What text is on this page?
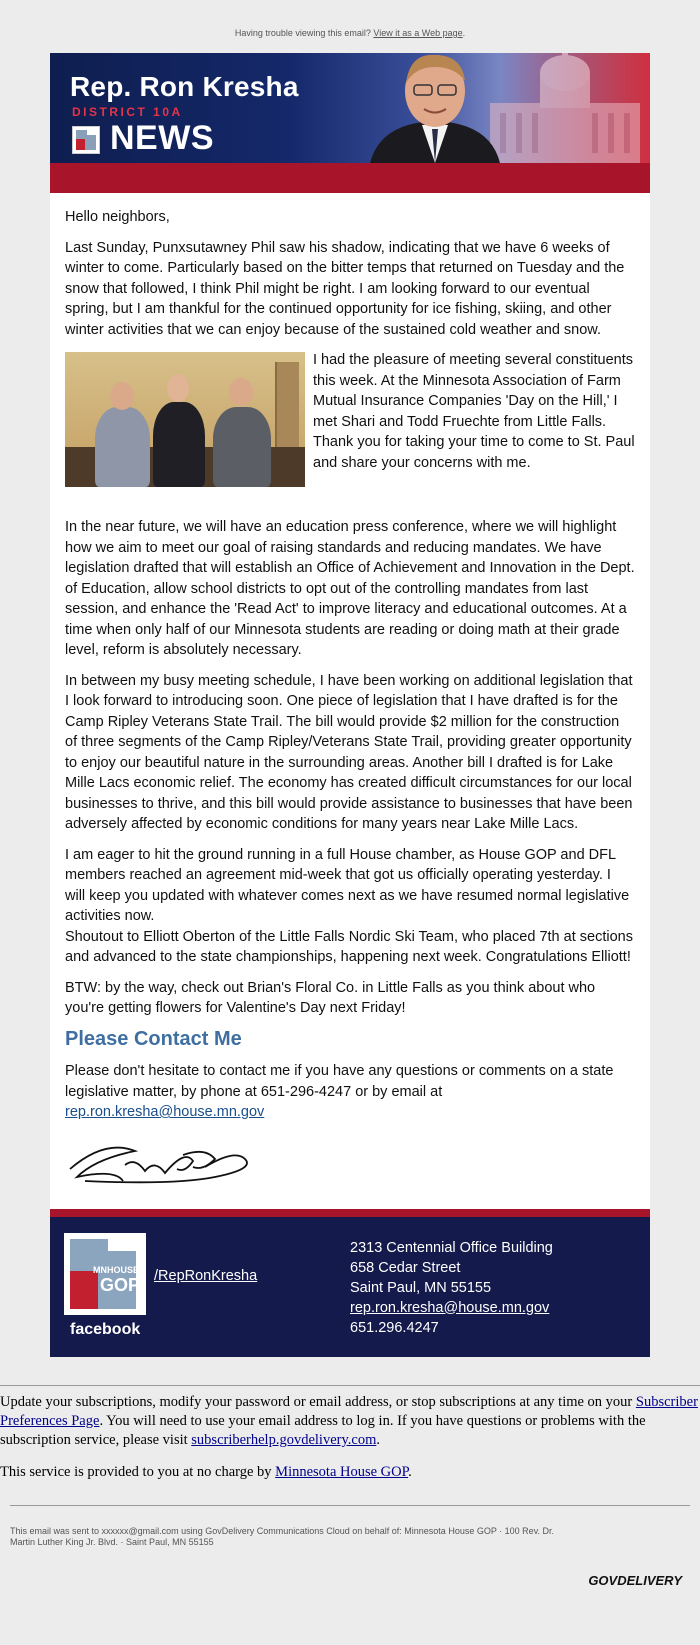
Having trouble viewing this email? View it as a Web page.
Rep. Ron Kresha
DISTRICT 10A
NEWS

Hello neighbors,

Last Sunday, Punxsutawney Phil saw his shadow, indicating that we have 6 weeks of winter to come. Particularly based on the bitter temps that returned on Tuesday and the snow that followed, I think Phil might be right. I am looking forward to our eventual spring, but I am thankful for the continued opportunity for ice fishing, skiing, and other winter activities that we can enjoy because of the sustained cold weather and snow.

I had the pleasure of meeting several constituents this week. At the Minnesota Association of Farm Mutual Insurance Companies 'Day on the Hill,' I met Shari and Todd Fruechte from Little Falls. Thank you for taking your time to come to St. Paul and share your concerns with me.

In the near future, we will have an education press conference, where we will highlight how we aim to meet our goal of raising standards and reducing mandates. We have legislation drafted that will establish an Office of Achievement and Innovation in the Dept. of Education, allow school districts to opt out of the controlling mandates from last session, and enhance the 'Read Act' to improve literacy and educational outcomes. At a time when only half of our Minnesota students are reading or doing math at their grade level, reform is absolutely necessary.

In between my busy meeting schedule, I have been working on additional legislation that I look forward to introducing soon. One piece of legislation that I have drafted is for the Camp Ripley Veterans State Trail. The bill would provide $2 million for the construction of three segments of the Camp Ripley/Veterans State Trail, providing greater opportunity to enjoy our beautiful nature in the surrounding areas. Another bill I drafted is for Lake Mille Lacs economic relief. The economy has created difficult circumstances for our local businesses to thrive, and this bill would provide assistance to businesses that have been adversely affected by economic conditions for many years near Lake Mille Lacs.

I am eager to hit the ground running in a full House chamber, as House GOP and DFL members reached an agreement mid-week that got us officially operating yesterday. I will keep you updated with whatever comes next as we have resumed normal legislative activities now.

Shoutout to Elliott Oberton of the Little Falls Nordic Ski Team, who placed 7th at sections and advanced to the state championships, happening next week. Congratulations Elliott!

BTW: by the way, check out Brian's Floral Co. in Little Falls as you think about who you're getting flowers for Valentine's Day next Friday!

Please Contact Me

Please don't hesitate to contact me if you have any questions or comments on a state legislative matter, by phone at 651-296-4247 or by email at
rep.ron.kresha@house.mn.gov

MNHOUSE
GOP
facebook
/RepRonKresha
2313 Centennial Office Building
658 Cedar Street
Saint Paul, MN 55155
rep.ron.kresha@house.mn.gov
651.296.4247

Update your subscriptions, modify your password or email address, or stop subscriptions at any time on your Subscriber Preferences Page. You will need to use your email address to log in. If you have questions or problems with the subscription service, please visit subscriberhelp.govdelivery.com.

This service is provided to you at no charge by Minnesota House GOP.

This email was sent to xxxxxx@gmail.com using GovDelivery Communications Cloud on behalf of: Minnesota House GOP · 100 Rev. Dr. Martin Luther King Jr. Blvd. · Saint Paul, MN 55155
GOVDELIVERY
